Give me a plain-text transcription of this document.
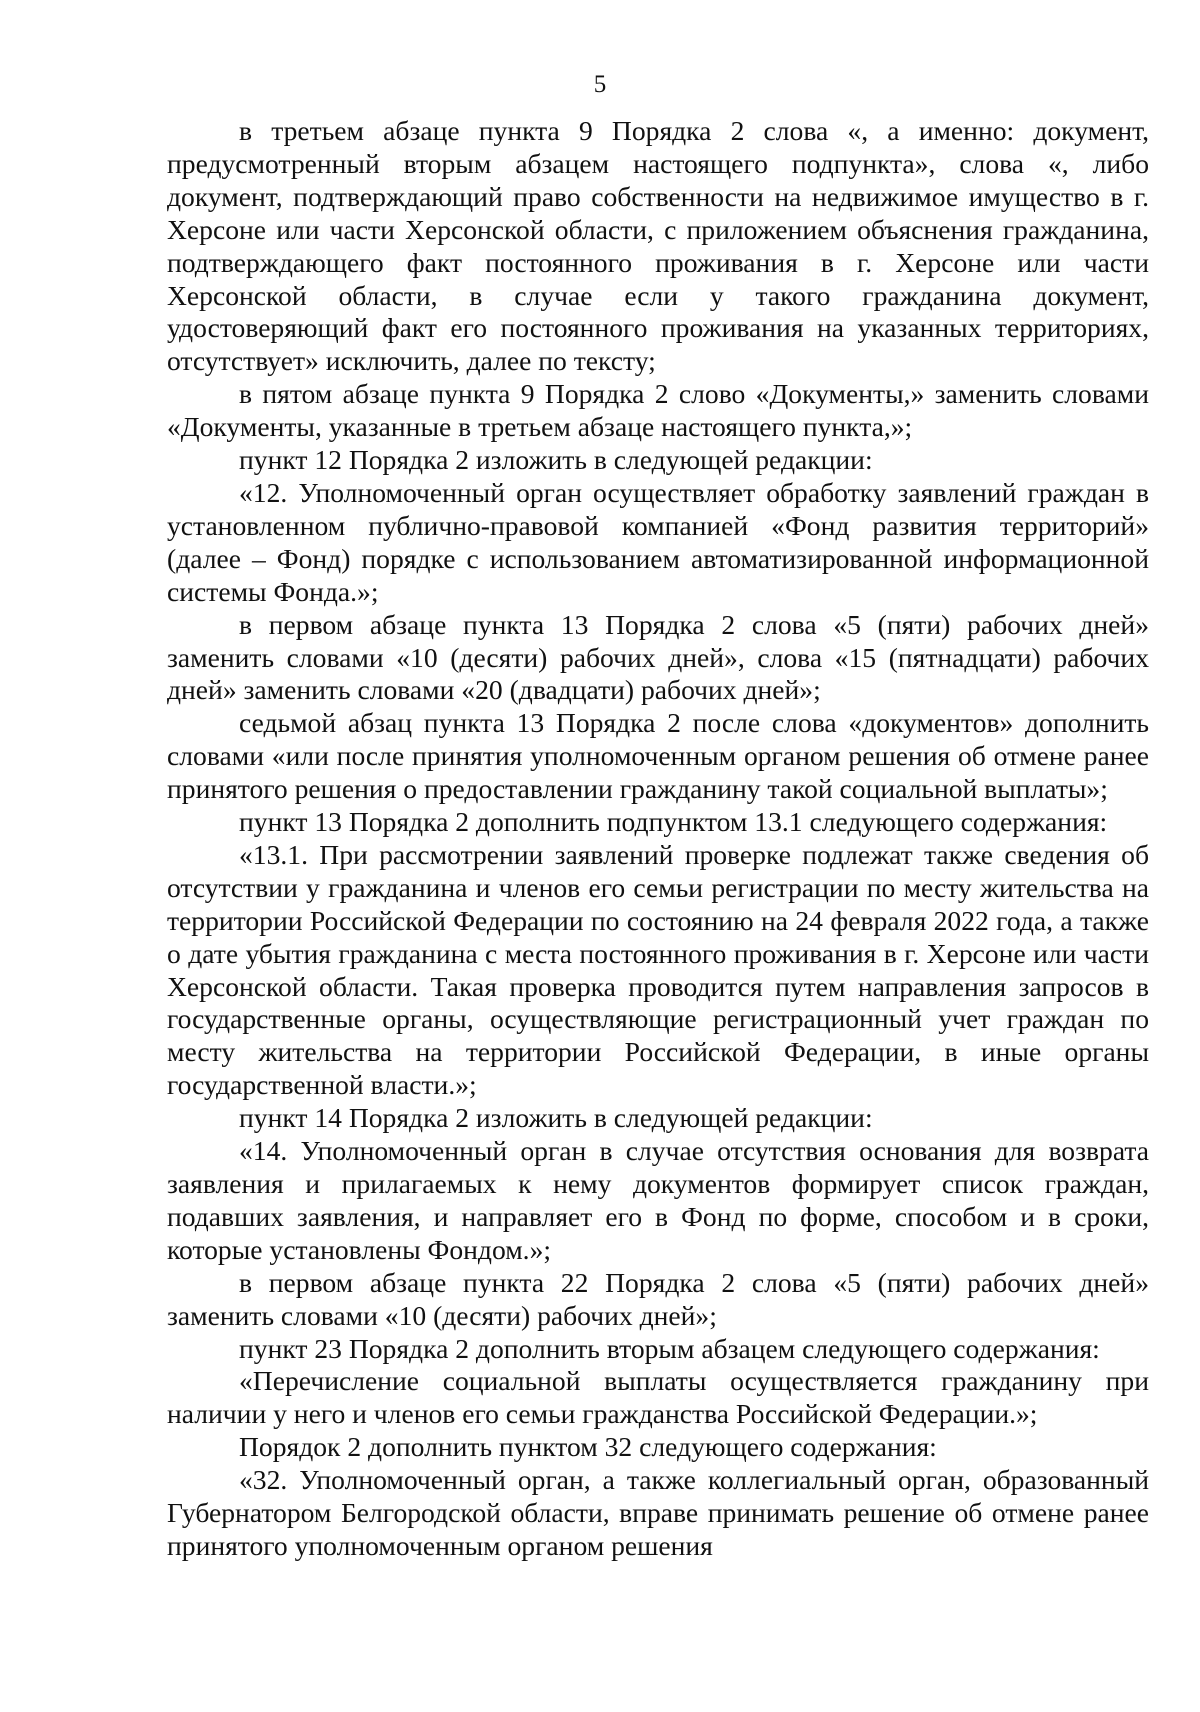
5

в третьем абзаце пункта 9 Порядка 2 слова «, а именно: документ, предусмотренный вторым абзацем настоящего подпункта», слова «, либо документ, подтверждающий право собственности на недвижимое имущество в г. Херсоне или части Херсонской области, с приложением объяснения гражданина, подтверждающего факт постоянного проживания в г. Херсоне или части Херсонской области, в случае если у такого гражданина документ, удостоверяющий факт его постоянного проживания на указанных территориях, отсутствует» исключить, далее по тексту;

в пятом абзаце пункта 9 Порядка 2 слово «Документы,» заменить словами «Документы, указанные в третьем абзаце настоящего пункта,»;

пункт 12 Порядка 2 изложить в следующей редакции:

«12. Уполномоченный орган осуществляет обработку заявлений граждан в установленном публично-правовой компанией «Фонд развития территорий» (далее – Фонд) порядке с использованием автоматизированной информационной системы Фонда.»;

в первом абзаце пункта 13 Порядка 2 слова «5 (пяти) рабочих дней» заменить словами «10 (десяти) рабочих дней», слова «15 (пятнадцати) рабочих дней» заменить словами «20 (двадцати) рабочих дней»;

седьмой абзац пункта 13 Порядка 2 после слова «документов» дополнить словами «или после принятия уполномоченным органом решения об отмене ранее принятого решения о предоставлении гражданину такой социальной выплаты»;

пункт 13 Порядка 2 дополнить подпунктом 13.1 следующего содержания:

«13.1. При рассмотрении заявлений проверке подлежат также сведения об отсутствии у гражданина и членов его семьи регистрации по месту жительства на территории Российской Федерации по состоянию на 24 февраля 2022 года, а также о дате убытия гражданина с места постоянного проживания в г. Херсоне или части Херсонской области. Такая проверка проводится путем направления запросов в государственные органы, осуществляющие регистрационный учет граждан по месту жительства на территории Российской Федерации, в иные органы государственной власти.»;

пункт 14 Порядка 2 изложить в следующей редакции:

«14. Уполномоченный орган в случае отсутствия основания для возврата заявления и прилагаемых к нему документов формирует список граждан, подавших заявления, и направляет его в Фонд по форме, способом и в сроки, которые установлены Фондом.»;

в первом абзаце пункта 22 Порядка 2 слова «5 (пяти) рабочих дней» заменить словами «10 (десяти) рабочих дней»;

пункт 23 Порядка 2 дополнить вторым абзацем следующего содержания:

«Перечисление социальной выплаты осуществляется гражданину при наличии у него и членов его семьи гражданства Российской Федерации.»;

Порядок 2 дополнить пунктом 32 следующего содержания:

«32. Уполномоченный орган, а также коллегиальный орган, образованный Губернатором Белгородской области, вправе принимать решение об отмене ранее принятого уполномоченным органом решения
